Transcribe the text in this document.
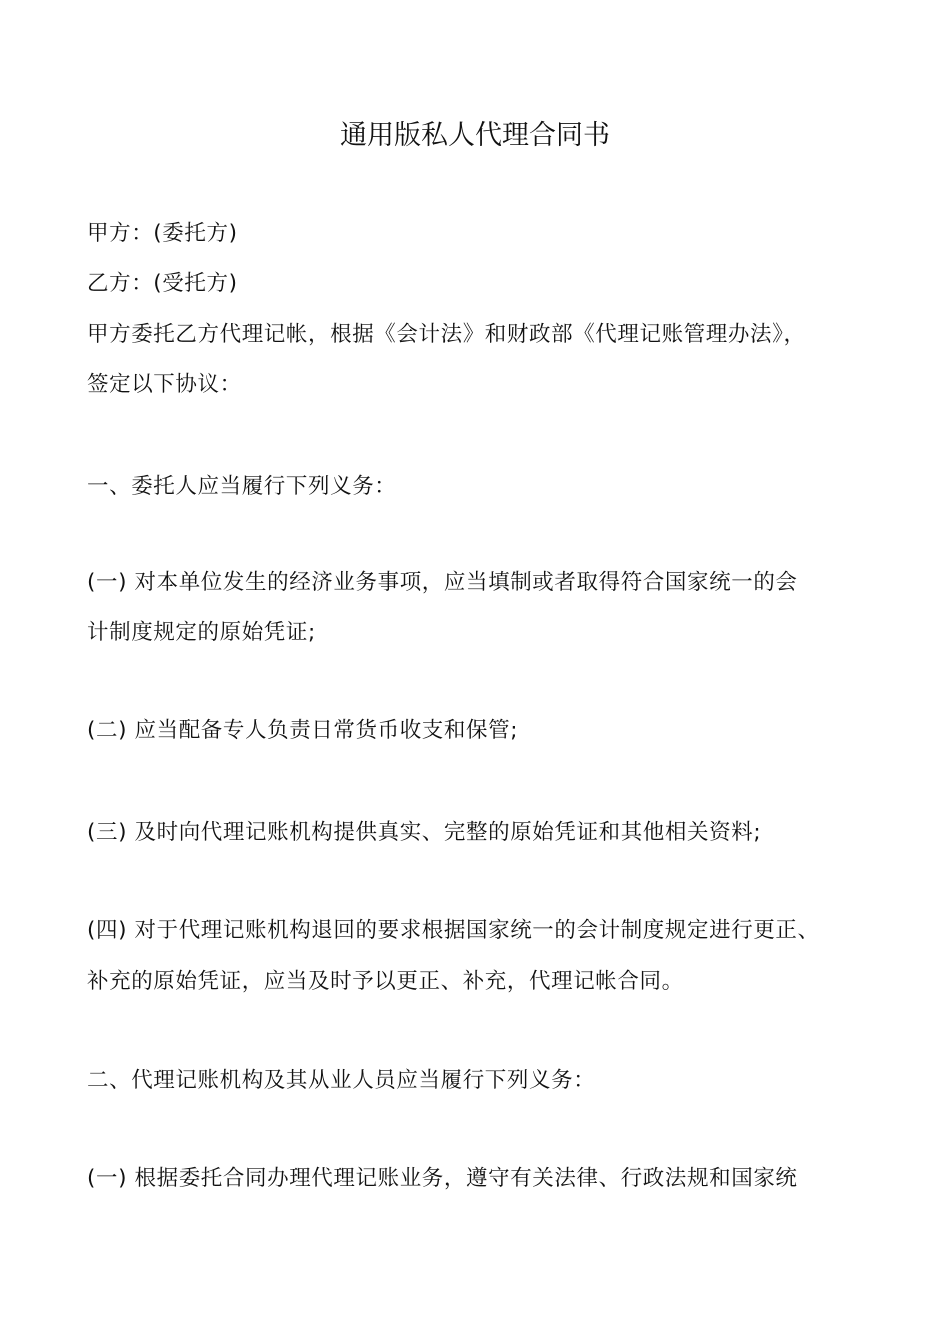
通用版私人代理合同书

甲方：(委托方)

乙方：(受托方)

甲方委托乙方代理记帐，根据《会计法》和财政部《代理记账管理办法》，

签定以下协议：

一、委托人应当履行下列义务：

(一) 对本单位发生的经济业务事项，应当填制或者取得符合国家统一的会

计制度规定的原始凭证;

(二) 应当配备专人负责日常货币收支和保管;

(三) 及时向代理记账机构提供真实、完整的原始凭证和其他相关资料;

(四) 对于代理记账机构退回的要求根据国家统一的会计制度规定进行更正、

补充的原始凭证，应当及时予以更正、补充，代理记帐合同。

二、代理记账机构及其从业人员应当履行下列义务：

(一) 根据委托合同办理代理记账业务，遵守有关法律、行政法规和国家统
